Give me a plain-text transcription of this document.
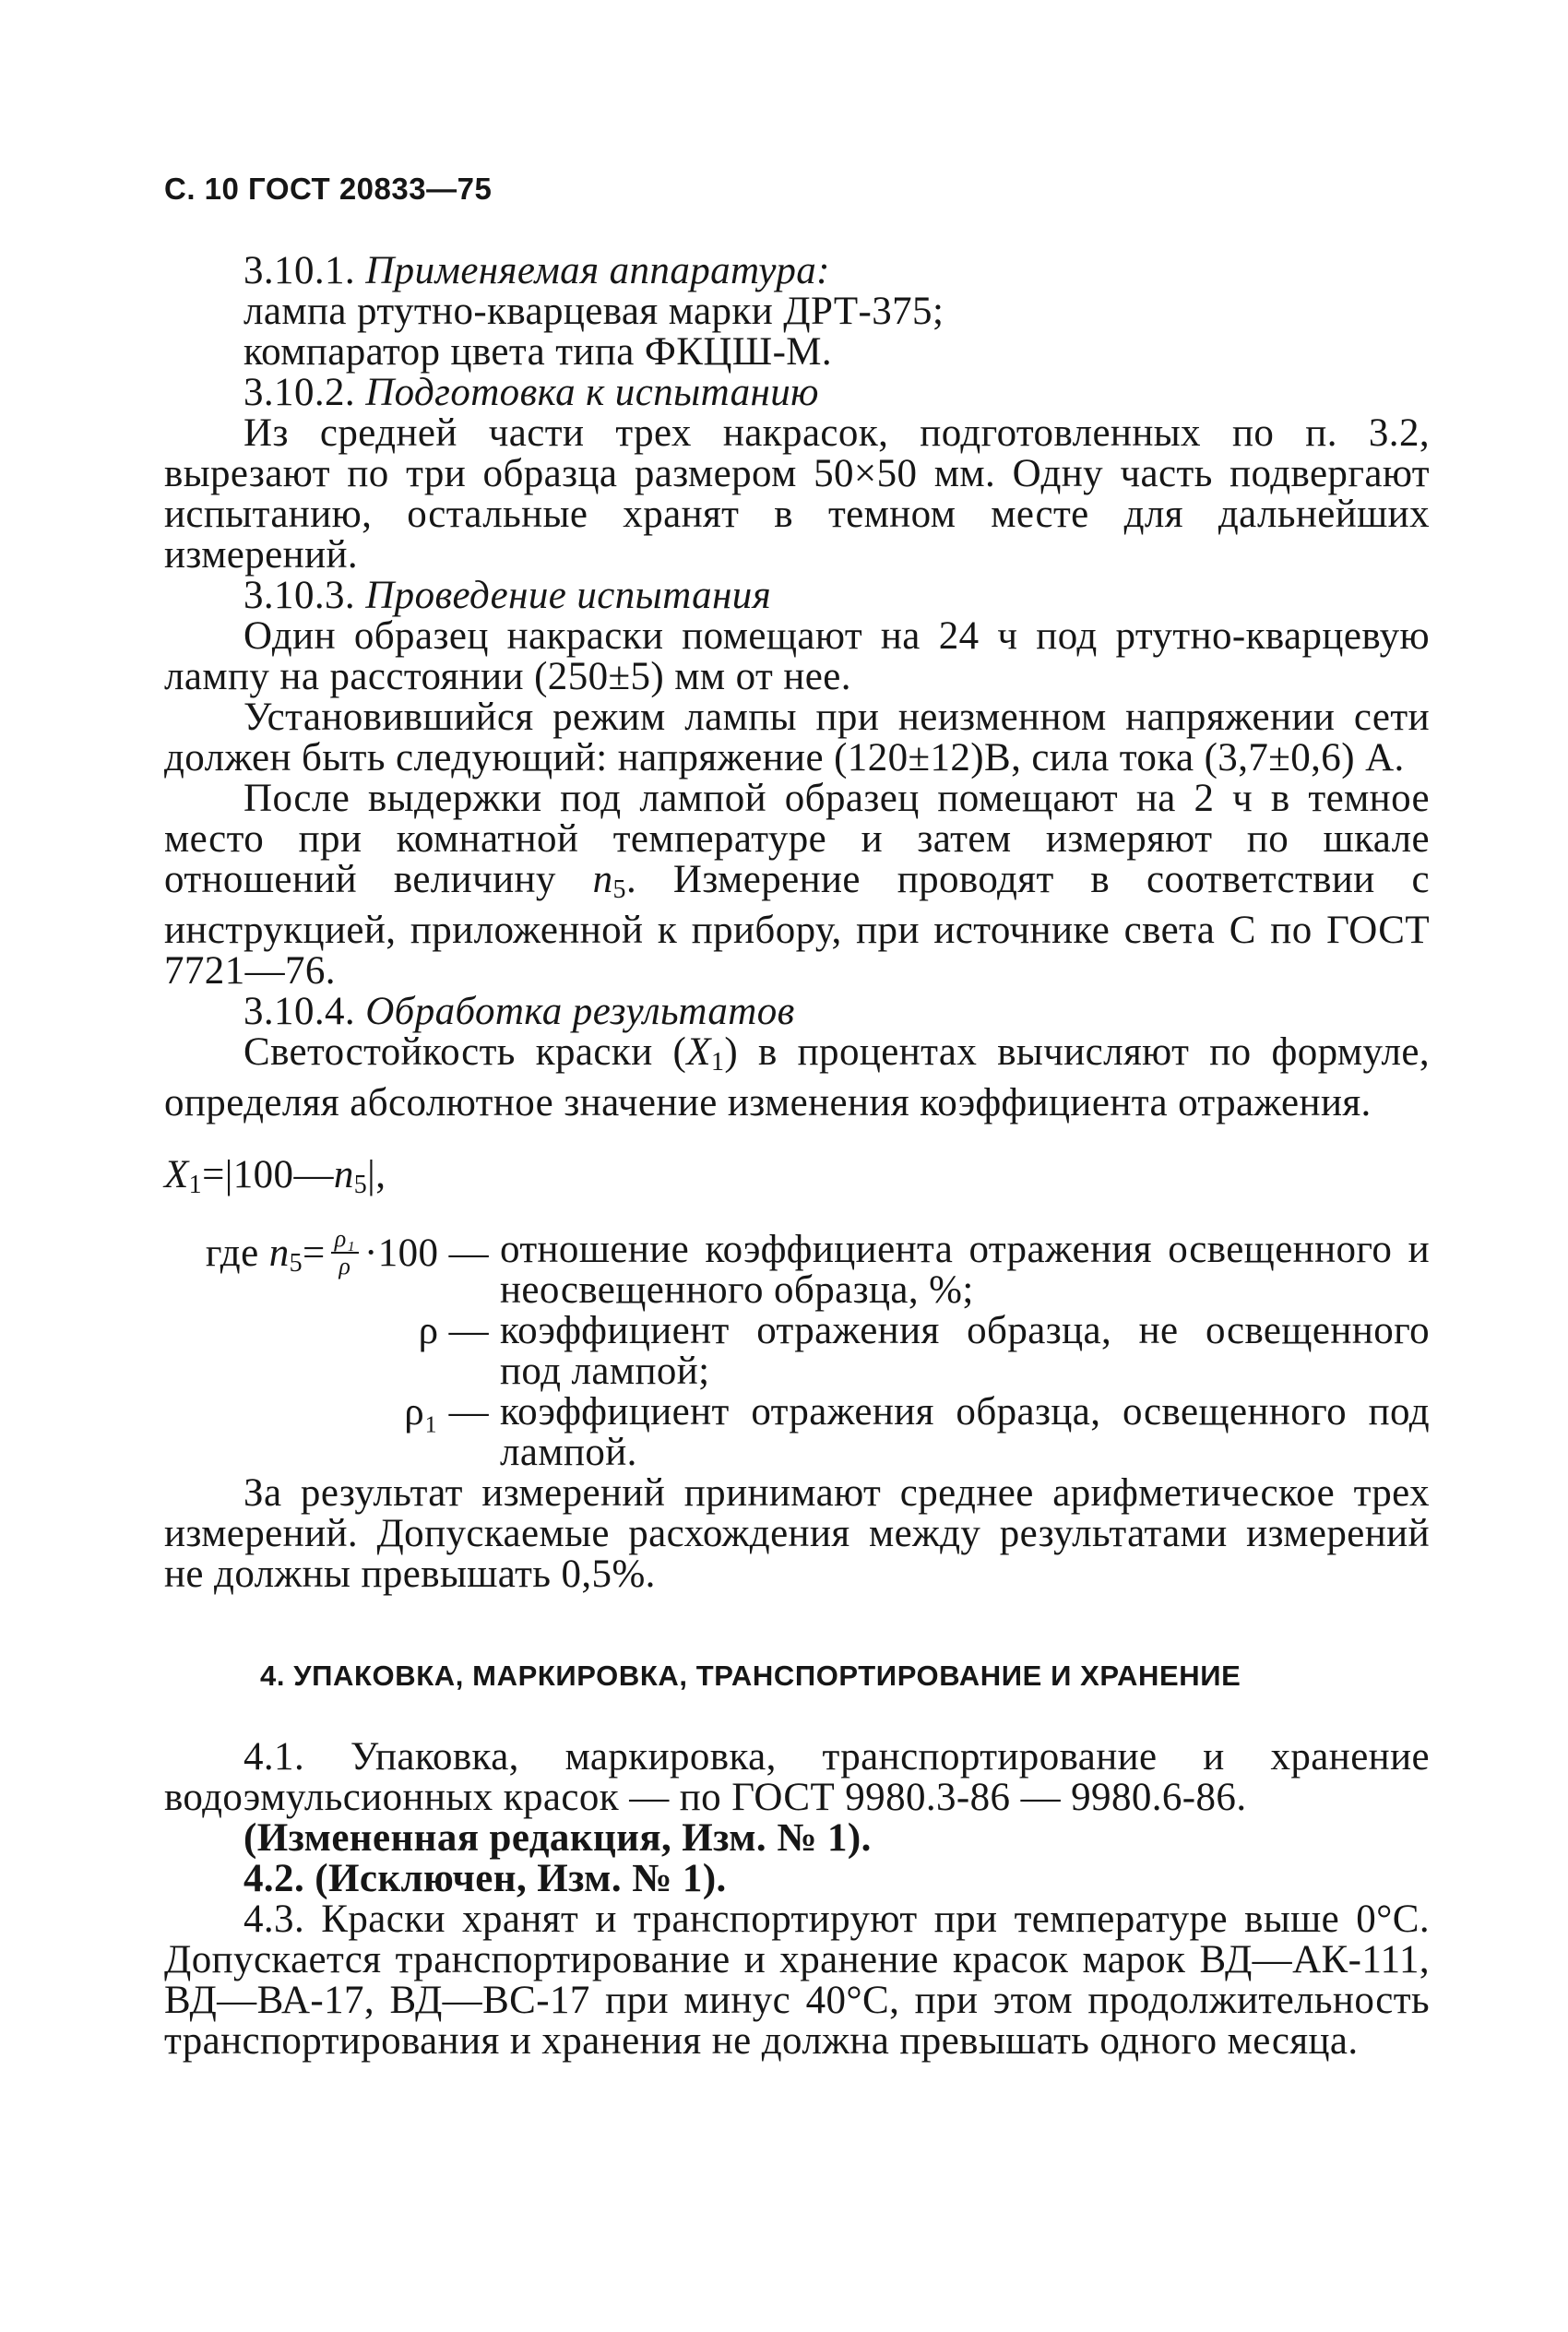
С. 10 ГОСТ 20833—75

3.10.1. Применяемая аппаратура:

лампа ртутно-кварцевая марки ДРТ-375;

компаратор цвета типа ФКЦШ-М.

3.10.2. Подготовка к испытанию

Из средней части трех накрасок, подготовленных по п. 3.2, вырезают по три образца размером 50×50 мм. Одну часть подвергают испытанию, остальные хранят в темном месте для дальнейших измерений.

3.10.3. Проведение испытания

Один образец накраски помещают на 24 ч под ртутно-кварцевую лампу на расстоянии (250±5) мм от нее.

Установившийся режим лампы при неизменном напряжении сети должен быть следующий: напряжение (120±12)В, сила тока (3,7±0,6) А.

После выдержки под лампой образец помещают на 2 ч в темное место при комнатной температуре и затем измеряют по шкале отношений величину n5. Измерение проводят в соответствии с инструкцией, приложенной к прибору, при источнике света С по ГОСТ 7721—76.

3.10.4. Обработка результатов

Светостойкость краски (X1) в процентах вычисляют по формуле, определяя абсолютное значение изменения коэффициента отражения.

X1=|100—n5|,

где $n5= \frac{\text{ρ₁}}{\rho} \cdot 100$ — отношение коэффициента отражения освещенного и неосвещенного образца, %;
ρ — коэффициент отражения образца, не освещенного под лампой;
ρ₁ — коэффициент отражения образца, освещенного под лампой.

За результат измерений принимают среднее арифметическое трех измерений. Допускаемые расхождения между результатами измерений не должны превышать 0,5%.

4. УПАКОВКА, МАРКИРОВКА, ТРАНСПОРТИРОВАНИЕ И ХРАНЕНИЕ

4.1. Упаковка, маркировка, транспортирование и хранение водоэмульсионных красок — по ГОСТ 9980.3-86 — 9980.6-86.

(Измененная редакция, Изм. № 1).

4.2. (Исключен, Изм. № 1).

4.3. Краски хранят и транспортируют при температуре выше 0°С. Допускается транспортирование и хранение красок марок ВД—АК-111, ВД—ВА-17, ВД—ВС-17 при минус 40°С, при этом продолжительность транспортирования и хранения не должна превышать одного месяца.
